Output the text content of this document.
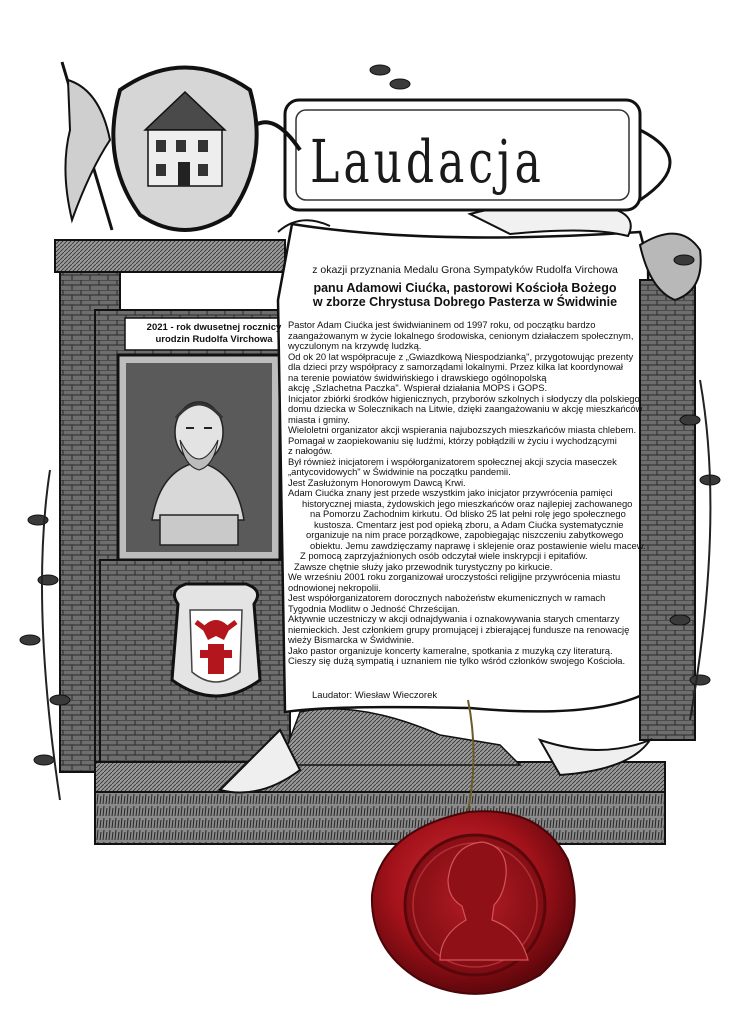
Laudacja
z okazji przyznania Medalu Grona Sympatyków Rudolfa Virchowa
panu Adamowi Ciućka, pastorowi Kościoła Bożego
w zborze Chrystusa Dobrego Pasterza w Świdwinie
2021 - rok dwusetnej rocznicy
urodzin Rudolfa Virchowa
Pastor Adam Ciućka jest świdwianinem od 1997 roku, od początku bardzo
zaangażowanym w życie lokalnego środowiska, cenionym działaczem społecznym,
wyczulonym na krzywdę ludzką.
Od ok 20 lat współpracuje z „Gwiazdkową Niespodzianką", przygotowując prezenty
dla dzieci przy współpracy z samorządami lokalnymi. Przez kilka lat koordynował
na terenie powiatów świdwińskiego i drawskiego ogólnopolską
akcję „Szlachetna Paczka". Wspierał działania MOPS i GOPS.
Inicjator zbiórki środków higienicznych, przyborów szkolnych i słodyczy dla polskiego
domu dziecka w Solecznikach na Litwie, dzięki zaangażowaniu w akcję mieszkańców
miasta i gminy.
Wieloletni organizator akcji wspierania najubozszych mieszkańców miasta chlebem.
Pomagał w zaopiekowaniu się ludźmi, którzy pobłądzili w życiu i wychodzącymi
z nałogów.
Był również inicjatorem i współorganizatorem społecznej akcji szycia maseczek
„antycovidowych" w Świdwinie na początku pandemii.
Jest Zasłużonym Honorowym Dawcą Krwi.
Adam Ciućka znany jest przede wszystkim jako inicjator przywrócenia pamięci
historycznej miasta, żydowskich jego mieszkańców oraz najlepiej zachowanego
na Pomorzu Zachodnim kirkutu. Od blisko 25 lat pełni rolę jego społecznego
kustosza. Cmentarz jest pod opieką zboru, a Adam Ciućka systematycznie
organizuje na nim prace porządkowe, zapobiegając niszczeniu zabytkowego
obiektu. Jemu zawdzięczamy naprawę i sklejenie oraz postawienie wielu macew.
Z pomocą zaprzyjaźnionych osób odczytał wiele inskrypcji i epitafiów.
Zawsze chętnie służy jako przewodnik turystyczny po kirkucie.
We wrześniu 2001 roku zorganizował uroczystości religijne przywrócenia miastu
odnowionej nekropolii.
Jest współorganizatorem dorocznych nabożeństw ekumenicznych w ramach
Tygodnia Modlitw o Jedność Chrześcijan.
Aktywnie uczestniczy w akcji odnajdywania i oznakowywania starych cmentarzy
niemieckich. Jest członkiem grupy promującej i zbierającej fundusze na renowację
wieży Bismarcka w Świdwinie.
Jako pastor organizuje koncerty kameralne, spotkania z muzyką czy literaturą.
Cieszy się dużą sympatią i uznaniem nie tylko wśród członków swojego Kościoła.
Laudator: Wiesław Wieczorek
